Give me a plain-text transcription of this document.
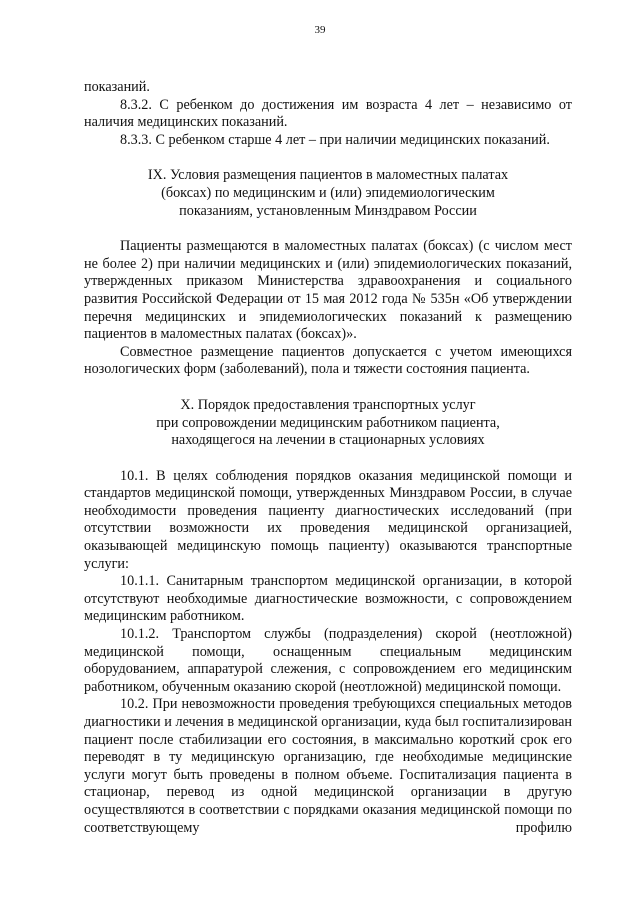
39

показаний.

8.3.2. С ребенком до достижения им возраста 4 лет – независимо от наличия медицинских показаний.

8.3.3. С ребенком старше 4 лет – при наличии медицинских показаний.

IX. Условия размещения пациентов в маломестных палатах
(боксах) по медицинским и (или) эпидемиологическим
показаниям, установленным Минздравом России

Пациенты размещаются в маломестных палатах (боксах) (с числом мест не более 2) при наличии медицинских и (или) эпидемиологических показаний, утвержденных приказом Министерства здравоохранения и социального развития Российской Федерации от 15 мая 2012 года № 535н «Об утверждении перечня медицинских и эпидемиологических показаний к размещению пациентов в маломестных палатах (боксах)».

Совместное размещение пациентов допускается с учетом имеющихся нозологических форм (заболеваний), пола и тяжести состояния пациента.

X. Порядок предоставления транспортных услуг
при сопровождении медицинским работником пациента,
находящегося на лечении в стационарных условиях

10.1. В целях соблюдения порядков оказания медицинской помощи и стандартов медицинской помощи, утвержденных Минздравом России, в случае необходимости проведения пациенту диагностических исследований (при отсутствии возможности их проведения медицинской организацией, оказывающей медицинскую помощь пациенту) оказываются транспортные услуги:

10.1.1. Санитарным транспортом медицинской организации, в которой отсутствуют необходимые диагностические возможности, с сопровождением медицинским работником.

10.1.2. Транспортом службы (подразделения) скорой (неотложной) медицинской помощи, оснащенным специальным медицинским оборудованием, аппаратурой слежения, с сопровождением его медицинским работником, обученным оказанию скорой (неотложной) медицинской помощи.

10.2. При невозможности проведения требующихся специальных методов диагностики и лечения в медицинской организации, куда был госпитализирован пациент после стабилизации его состояния, в максимально короткий срок его переводят в ту медицинскую организацию, где необходимые медицинские услуги могут быть проведены в полном объеме. Госпитализация пациента в стационар, перевод из одной медицинской организации в другую осуществляются в соответствии с порядками оказания медицинской помощи по соответствующему профилю
